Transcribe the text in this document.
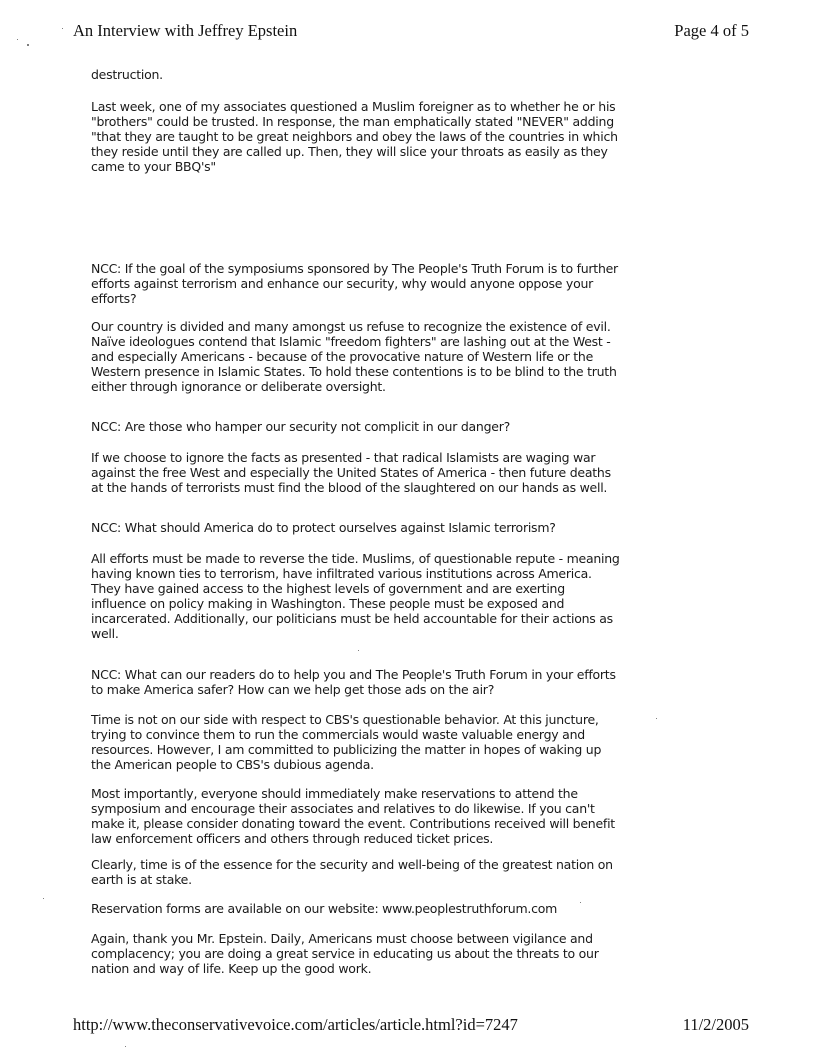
An Interview with Jeffrey Epstein	Page 4 of 5

destruction.

Last week, one of my associates questioned a Muslim foreigner as to whether he or his "brothers" could be trusted. In response, the man emphatically stated "NEVER" adding "that they are taught to be great neighbors and obey the laws of the countries in which they reside until they are called up. Then, they will slice your throats as easily as they came to your BBQ's"

NCC: If the goal of the symposiums sponsored by The People's Truth Forum is to further efforts against terrorism and enhance our security, why would anyone oppose your efforts?

Our country is divided and many amongst us refuse to recognize the existence of evil. Naïve ideologues contend that Islamic "freedom fighters" are lashing out at the West - and especially Americans - because of the provocative nature of Western life or the Western presence in Islamic States. To hold these contentions is to be blind to the truth either through ignorance or deliberate oversight.

NCC: Are those who hamper our security not complicit in our danger?

If we choose to ignore the facts as presented - that radical Islamists are waging war against the free West and especially the United States of America - then future deaths at the hands of terrorists must find the blood of the slaughtered on our hands as well.

NCC: What should America do to protect ourselves against Islamic terrorism?

All efforts must be made to reverse the tide. Muslims, of questionable repute - meaning having known ties to terrorism, have infiltrated various institutions across America. They have gained access to the highest levels of government and are exerting influence on policy making in Washington. These people must be exposed and incarcerated. Additionally, our politicians must be held accountable for their actions as well.

NCC: What can our readers do to help you and The People's Truth Forum in your efforts to make America safer? How can we help get those ads on the air?

Time is not on our side with respect to CBS's questionable behavior. At this juncture, trying to convince them to run the commercials would waste valuable energy and resources. However, I am committed to publicizing the matter in hopes of waking up the American people to CBS's dubious agenda.

Most importantly, everyone should immediately make reservations to attend the symposium and encourage their associates and relatives to do likewise. If you can't make it, please consider donating toward the event. Contributions received will benefit law enforcement officers and others through reduced ticket prices.

Clearly, time is of the essence for the security and well-being of the greatest nation on earth is at stake.

Reservation forms are available on our website: www.peoplestruthforum.com

Again, thank you Mr. Epstein. Daily, Americans must choose between vigilance and complacency; you are doing a great service in educating us about the threats to our nation and way of life. Keep up the good work.

http://www.theconservativevoice.com/articles/article.html?id=7247	11/2/2005
